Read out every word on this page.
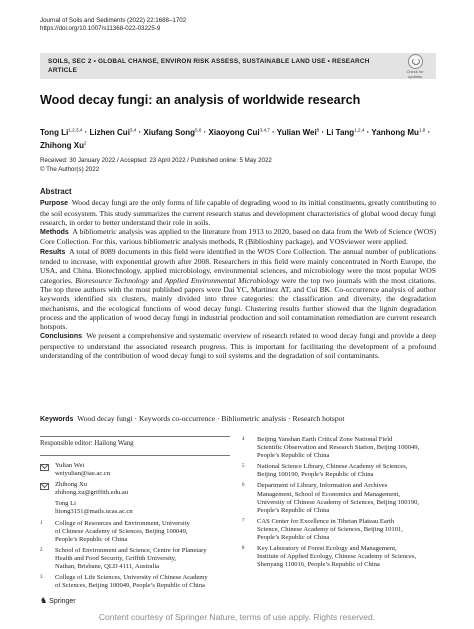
Journal of Soils and Sediments (2022) 22:1688–1702
https://doi.org/10.1007/s11368-022-03225-9
SOILS, SEC 2 • GLOBAL CHANGE, ENVIRON RISK ASSESS, SUSTAINABLE LAND USE • RESEARCH ARTICLE	Check for
updates
Wood decay fungi: an analysis of worldwide research
Tong Li$^{1,2,3,4}$ · Lizhen Cui$^{3,4}$ · Xiufang Song$^{5,6}$ · Xiaoyong Cui$^{3,4,7}$ · Yulian Wei$^8$ · Li Tang$^{1,2,4}$ · Yanhong Mu$^{1,8}$ · Zhihong Xu$^2$
Received: 30 January 2022 / Accepted: 23 April 2022 / Published online: 5 May 2022
© The Author(s) 2022
Abstract

Purpose Wood decay fungi are the only forms of life capable of degrading wood to its initial constituents, greatly contributing to the soil ecosystem. This study summarizes the current research status and development characteristics of global wood decay fungi research, in order to better understand their role in soils.

Methods A bibliometric analysis was applied to the literature from 1913 to 2020, based on data from the Web of Science (WOS) Core Collection. For this, various bibliometric analysis methods, R (Biblioshiny package), and VOSviewer were applied.

Results A total of 8089 documents in this field were identified in the WOS Core Collection. The annual number of publications tended to increase, with exponential growth after 2008. Researchers in this field were mainly concentrated in North Europe, the USA, and China. Biotechnology, applied microbiology, environmental sciences, and microbiology were the most popular WOS categories. Bioresource Technology and Applied Environmental Microbiology were the top two journals with the most citations. The top three authors with the most published papers were Dai YC, Martinez AT, and Cui BK. Co-occurrence analysis of author keywords identified six clusters, mainly divided into three categories: the classification and diversity, the degradation mechanisms, and the ecological functions of wood decay fungi. Clustering results further showed that the lignin degradation process and the application of wood decay fungi in industrial production and soil contamination remediation are current research hotspots.

Conclusions We present a comprehensive and systematic overview of research related to wood decay fungi and provide a deep perspective to understand the associated research progress. This is important for facilitating the development of a profound understanding of the contribution of wood decay fungi to soil systems and the degradation of soil contaminants.

Keywords Wood decay fungi · Keywords co-occurrence · Bibliometric analysis · Research hotspot
Responsible editor: Hailong Wang
Yulian Wei
weiyulian@iae.ac.cn
Zhihong Xu
zhihong.xu@griffith.edu.au
Tong Li
litong3151@mails.ucas.ac.cn
1 College of Resources and Environment, University
of Chinese Academy of Sciences, Beijing 100049,
People’s Republic of China
2 School of Environment and Science, Centre for Planetary
Health and Food Security, Griffith University,
Nathan, Brisbane, QLD 4111, Australia
3 College of Life Sciences, University of Chinese Academy
of Sciences, Beijing 100049, People’s Republic of China
4 Beijing Yanshan Earth Critical Zone National Field
Scientific Observation and Research Station, Beijing 100049,
People’s Republic of China
5 National Science Library, Chinese Academy of Sciences,
Beijing 100190, People’s Republic of China
6 Department of Library, Information and Archives
Management, School of Economics and Management,
University of Chinese Academy of Sciences, Beijing 100190,
People’s Republic of China
7 CAS Center for Excellence in Tibetan Plateau Earth
Science, Chinese Academy of Sciences, Beijing 10101,
People’s Republic of China
8 Key Laboratory of Forest Ecology and Management,
Institute of Applied Ecology, Chinese Academy of Sciences,
Shenyang 110016, People’s Republic of China
♞ Springer
Content courtesy of Springer Nature, terms of use apply. Rights reserved.
